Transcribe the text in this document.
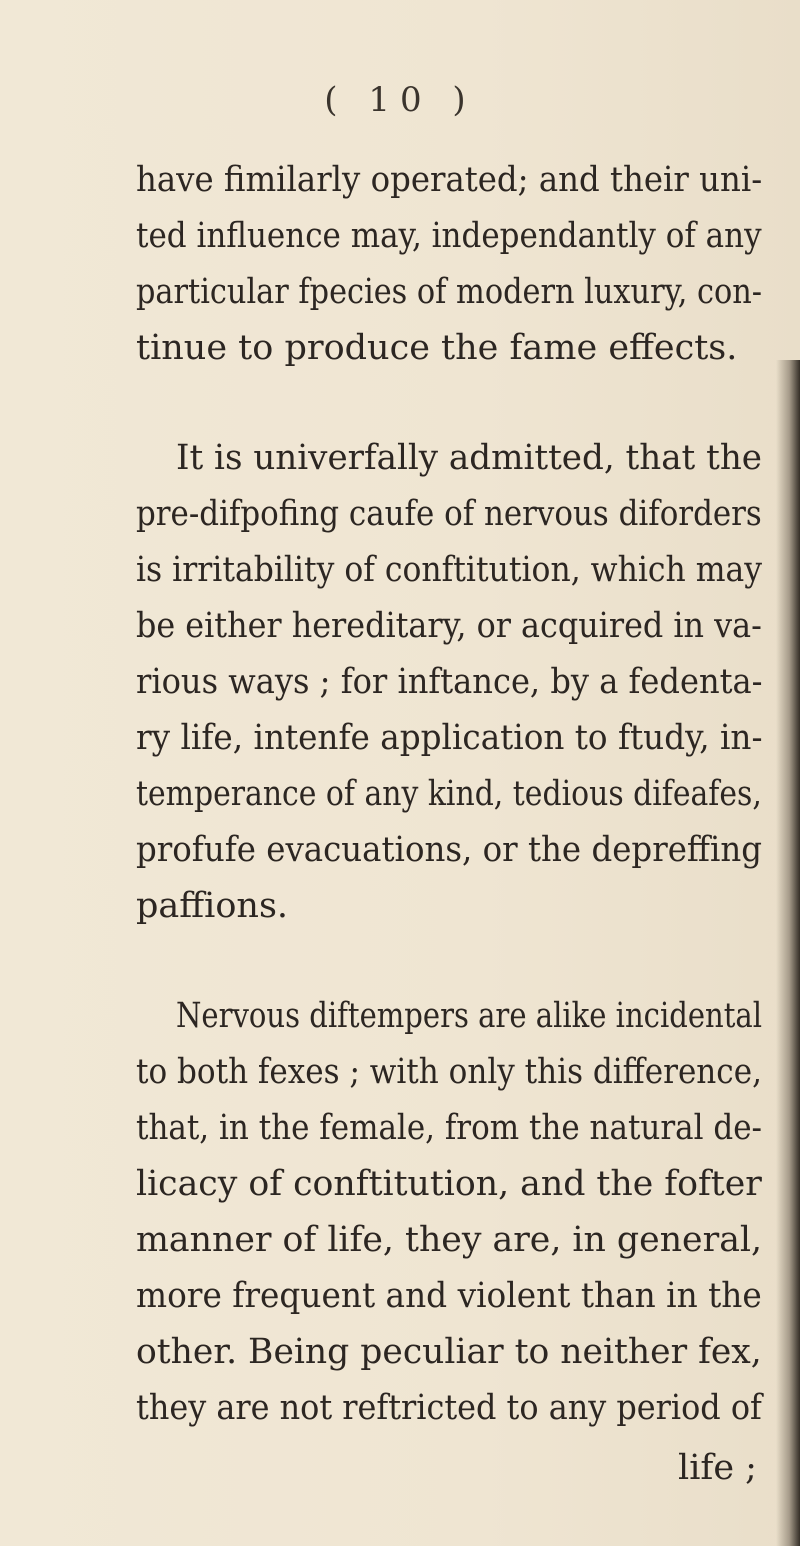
( 10 )
have fimilarly operated; and their uni-
ted influence may, independantly of any
particular fpecies of modern luxury, con-
tinue to produce the fame effects.
It is univerfally admitted, that the
pre-difpofing caufe of nervous diforders
is irritability of conftitution, which may
be either hereditary, or acquired in va-
rious ways ; for inftance, by a fedenta-
ry life, intenfe application to ftudy, in-
temperance of any kind, tedious difeafes,
profufe evacuations, or the depreffing
paffions.
Nervous diftempers are alike incidental
to both fexes ; with only this difference,
that, in the female, from the natural de-
licacy of conftitution, and the fofter
manner of life, they are, in general,
more frequent and violent than in the
other. Being peculiar to neither fex,
they are not reftricted to any period of
life ;
